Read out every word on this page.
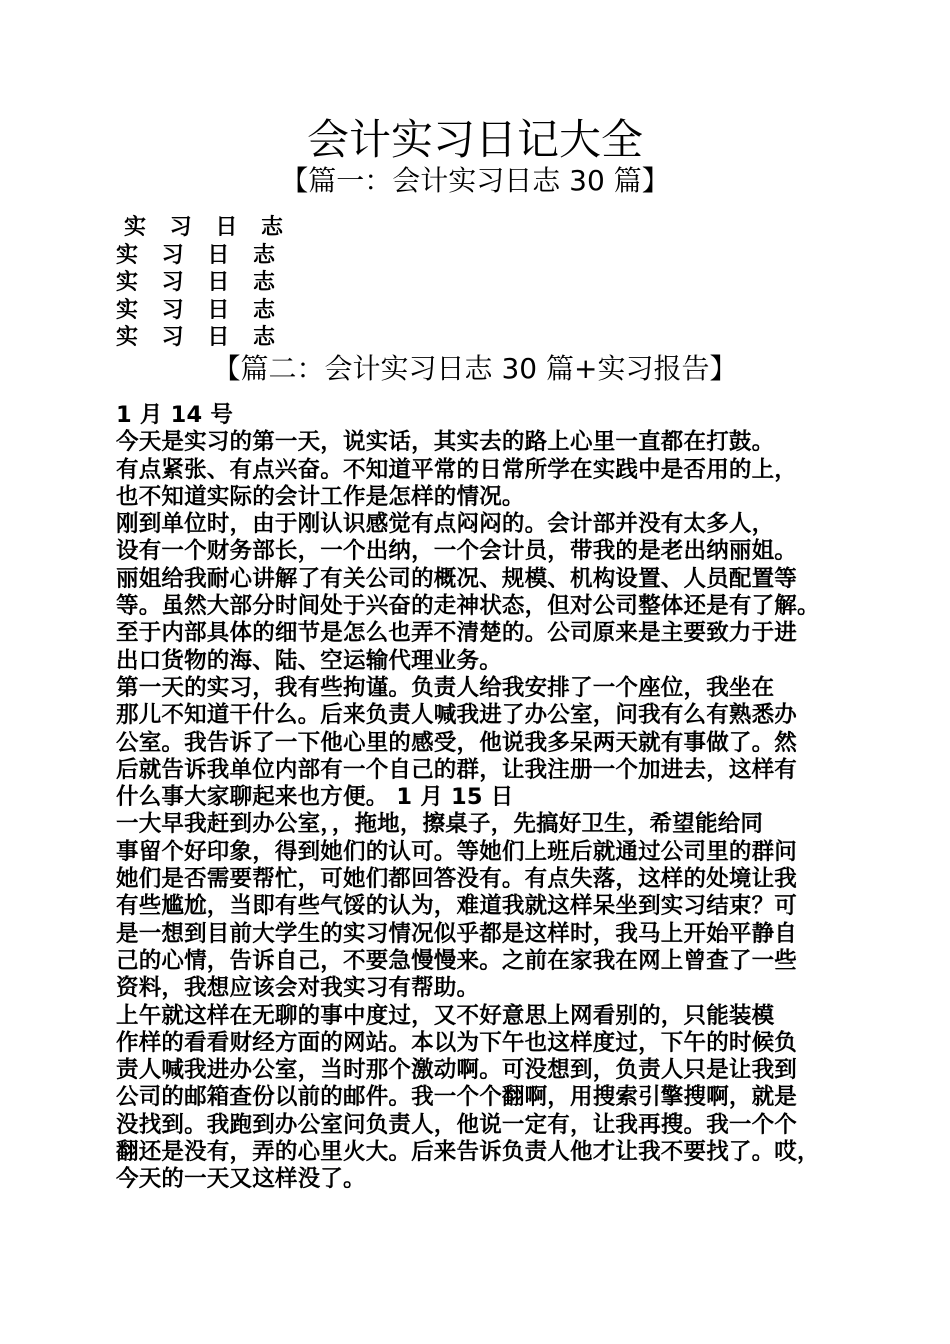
会计实习日记大全
【篇一：会计实习日志 30 篇】
实 习 日 志
实 习 日 志
实 习 日 志
实 习 日 志
实 习 日 志
【篇二：会计实习日志 30 篇+实习报告】

1 月 14 号

今天是实习的第一天，说实话，其实去的路上心里一直都在打鼓。

有点紧张、有点兴奋。不知道平常的日常所学在实践中是否用的上，

也不知道实际的会计工作是怎样的情况。

刚到单位时，由于刚认识感觉有点闷闷的。会计部并没有太多人，

设有一个财务部长，一个出纳，一个会计员，带我的是老出纳丽姐。

丽姐给我耐心讲解了有关公司的概况、规模、机构设置、人员配置等

等。虽然大部分时间处于兴奋的走神状态，但对公司整体还是有了解。

至于内部具体的细节是怎么也弄不清楚的。公司原来是主要致力于进

出口货物的海、陆、空运输代理业务。

第一天的实习，我有些拘谨。负责人给我安排了一个座位，我坐在

那儿不知道干什么。后来负责人喊我进了办公室，问我有么有熟悉办

公室。我告诉了一下他心里的感受，他说我多呆两天就有事做了。然

后就告诉我单位内部有一个自己的群，让我注册一个加进去，这样有

什么事大家聊起来也方便。 1 月 15 日

一大早我赶到办公室，，拖地，擦桌子，先搞好卫生，希望能给同

事留个好印象，得到她们的认可。等她们上班后就通过公司里的群问

她们是否需要帮忙，可她们都回答没有。有点失落，这样的处境让我

有些尴尬，当即有些气馁的认为，难道我就这样呆坐到实习结束？可

是一想到目前大学生的实习情况似乎都是这样时，我马上开始平静自

己的心情，告诉自己，不要急慢慢来。之前在家我在网上曾查了一些

资料，我想应该会对我实习有帮助。

上午就这样在无聊的事中度过，又不好意思上网看别的，只能装模

作样的看看财经方面的网站。本以为下午也这样度过，下午的时候负

责人喊我进办公室，当时那个激动啊。可没想到，负责人只是让我到

公司的邮箱查份以前的邮件。我一个个翻啊，用搜索引擎搜啊，就是

没找到。我跑到办公室问负责人，他说一定有，让我再搜。我一个个

翻还是没有，弄的心里火大。后来告诉负责人他才让我不要找了。哎，

今天的一天又这样没了。
